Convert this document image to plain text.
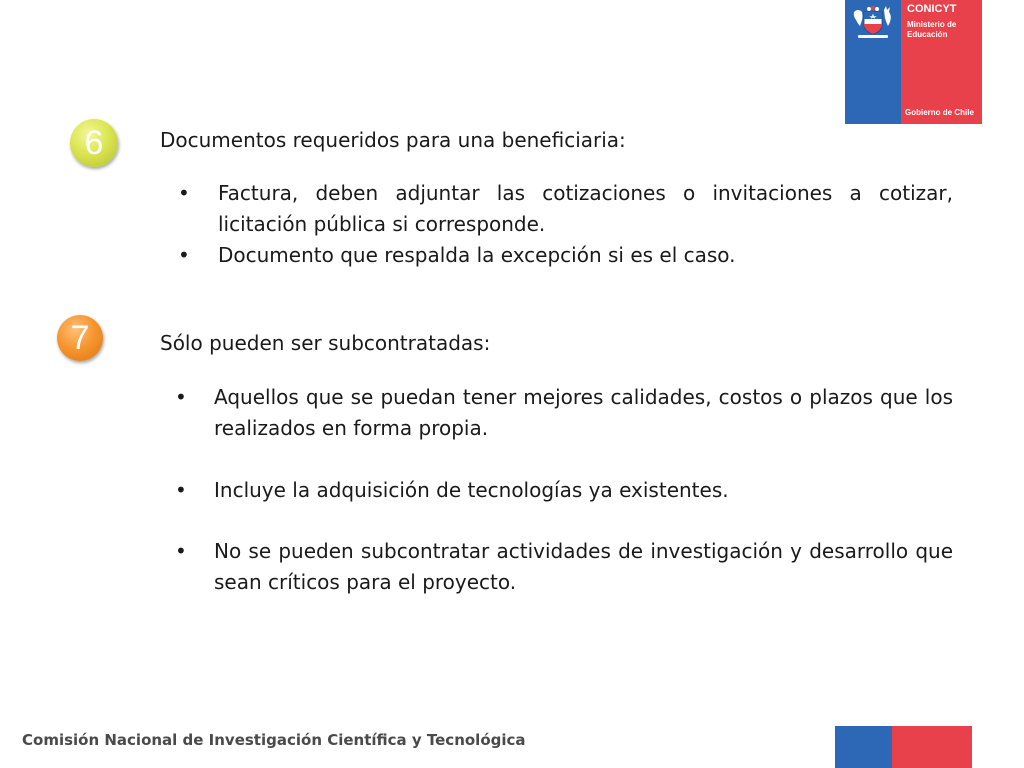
CONICYT
Ministerio de Educación
Gobierno de Chile
6	Documentos requeridos para una beneficiaria:
• Factura, deben adjuntar las cotizaciones o invitaciones a cotizar, licitación pública si corresponde.
• Documento que respalda la excepción si es el caso.
7	Sólo pueden ser subcontratadas:
• Aquellos que se puedan tener mejores calidades, costos o plazos que los realizados en forma propia.
• Incluye la adquisición de tecnologías ya existentes.
• No se pueden subcontratar actividades de investigación y desarrollo que sean críticos para el proyecto.
Comisión Nacional de Investigación Científica y Tecnológica
